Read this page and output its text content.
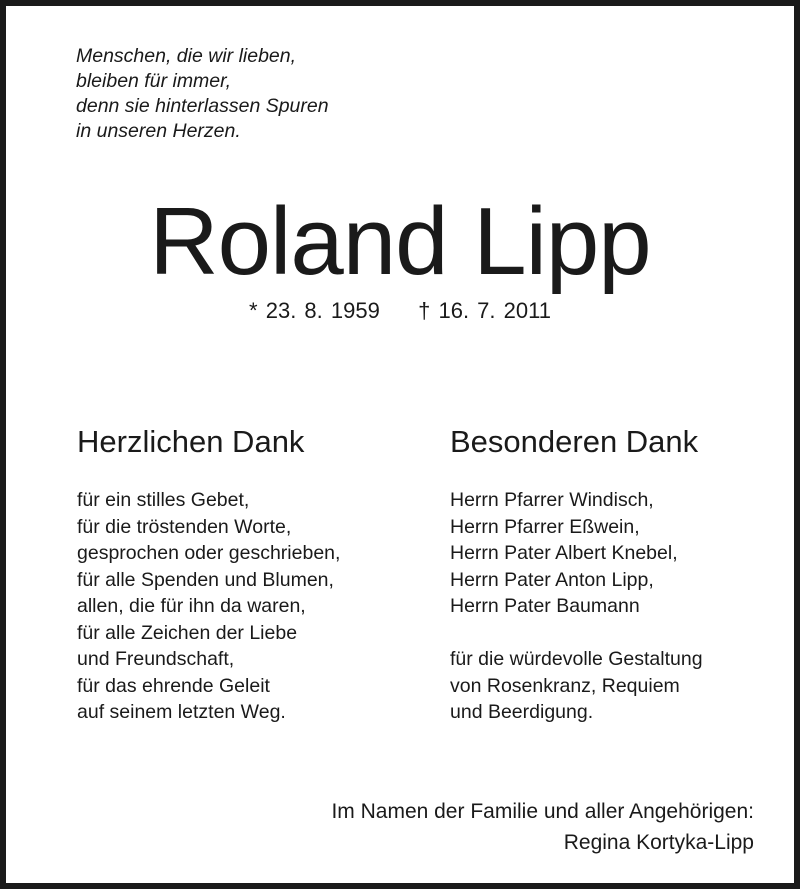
Menschen, die wir lieben,
bleiben für immer,
denn sie hinterlassen Spuren
in unseren Herzen.
Roland Lipp
* 23. 8. 1959 † 16. 7. 2011
Herzlichen Dank
für ein stilles Gebet,
für die tröstenden Worte,
gesprochen oder geschrieben,
für alle Spenden und Blumen,
allen, die für ihn da waren,
für alle Zeichen der Liebe
und Freundschaft,
für das ehrende Geleit
auf seinem letzten Weg.
Besonderen Dank
Herrn Pfarrer Windisch,
Herrn Pfarrer Eßwein,
Herrn Pater Albert Knebel,
Herrn Pater Anton Lipp,
Herrn Pater Baumann

für die würdevolle Gestaltung
von Rosenkranz, Requiem
und Beerdigung.
Im Namen der Familie und aller Angehörigen:
Regina Kortyka-Lipp
